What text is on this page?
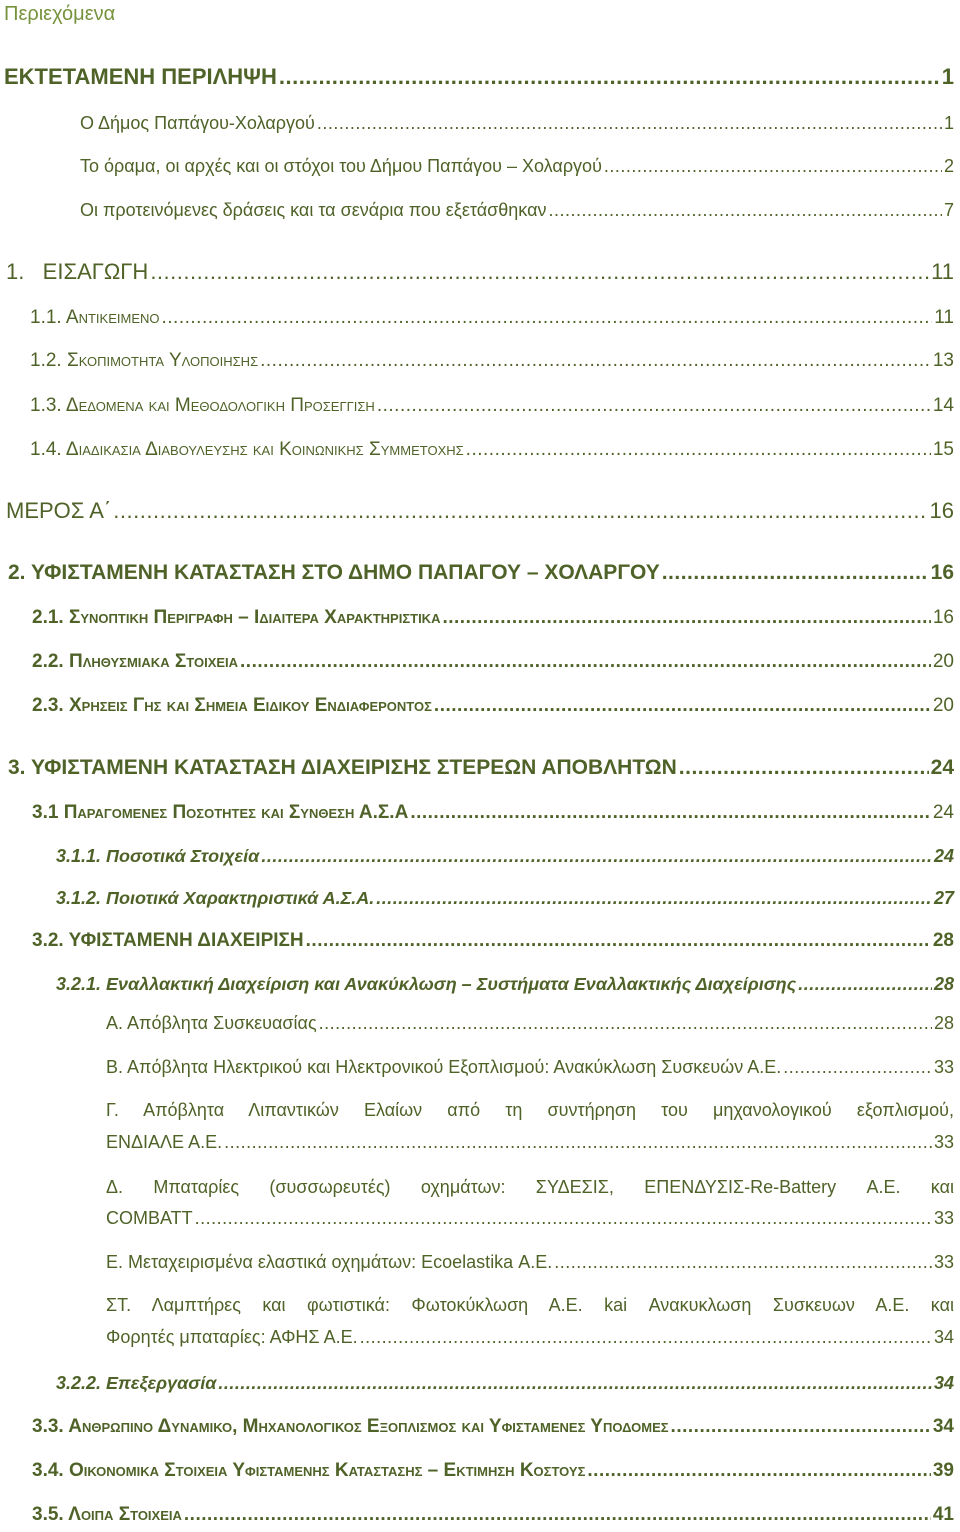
Περιεχόμενα
ΕΚΤΕΤΑΜΕΝΗ ΠΕΡΙΛΗΨΗ .....	1
Ο Δήμος Παπάγου-Χολαργού .....	1
Το όραμα, οι αρχές και οι στόχοι του Δήμου Παπάγου – Χολαργού .....	2
Οι προτεινόμενες δράσεις και τα σενάρια που εξετάσθηκαν .....	7
1.   ΕΙΣΑΓΩΓΗ .....	11
1.1. Αντικειμενο .....	11
1.2. Σκοπιμοτητα Υλοποιησης .....	13
1.3. Δεδομενα και Μεθοδολογικη Προσεγγιση .....	14
1.4. Διαδικασια Διαβουλευσης και Κοινωνικης Συμμετοχης .....	15
ΜΕΡΟΣ Α΄ .....	16
2. ΥΦΙΣΤΑΜΕΝΗ ΚΑΤΑΣΤΑΣΗ ΣΤΟ ΔΗΜΟ ΠΑΠΑΓΟΥ – ΧΟΛΑΡΓΟΥ .....	16
2.1. Συνοπτικη Περιγραφη – Ιδιαιτερα Χαρακτηριστικα .....	16
2.2. Πληθυσμιακα Στοιχεια .....	20
2.3. Χρησεις Γης και Σημεια Ειδικου Ενδιαφεροντος .....	20
3. ΥΦΙΣΤΑΜΕΝΗ ΚΑΤΑΣΤΑΣΗ ΔΙΑΧΕΙΡΙΣΗΣ ΣΤΕΡΕΩΝ ΑΠΟΒΛΗΤΩΝ .....	24
3.1 Παραγομενες Ποσοτητες και Συνθεση Α.Σ.Α .....	24
3.1.1. Ποσοτικά Στοιχεία .....	24
3.1.2. Ποιοτικά Χαρακτηριστικά Α.Σ.Α. .....	27
3.2. ΥΦΙΣΤΑΜΕΝΗ ΔΙΑΧΕΙΡΙΣΗ .....	28
3.2.1. Εναλλακτική Διαχείριση και Ανακύκλωση – Συστήματα Εναλλακτικής Διαχείρισης .....	28
Α. Απόβλητα Συσκευασίας .....	28
Β. Απόβλητα Ηλεκτρικού και Ηλεκτρονικού Εξοπλισμού: Ανακύκλωση Συσκευών Α.Ε. .....	33
Γ. Απόβλητα Λιπαντικών Ελαίων από τη συντήρηση του μηχανολογικού εξοπλισμού,
ΕΝΔΙΑΛΕ Α.Ε. .....	33
Δ. Μπαταρίες (συσσωρευτές) οχημάτων: ΣΥΔΕΣΙΣ, ΕΠΕΝΔΥΣΙΣ-Re-Battery Α.Ε. και
COMBATT .....	33
Ε. Μεταχειρισμένα ελαστικά οχημάτων: Ecoelastika Α.Ε. .....	33
ΣΤ. Λαμπτήρες και φωτιστικά: Φωτοκύκλωση Α.Ε. kai Ανακυκλωση Συσκευων Α.Ε. και
Φορητές μπαταρίες: ΑΦΗΣ Α.Ε. .....	34
3.2.2. Επεξεργασία .....	34
3.3. Ανθρωπινο Δυναμικο, Μηχανολογικος Εξοπλισμος και Υφισταμενες Υποδομες .....	34
3.4. Οικονομικα Στοιχεια Υφισταμενης Καταστασης – Εκτιμηση Κοστους .....	39
3.5. Λοιπα Στοιχεια .....	41
